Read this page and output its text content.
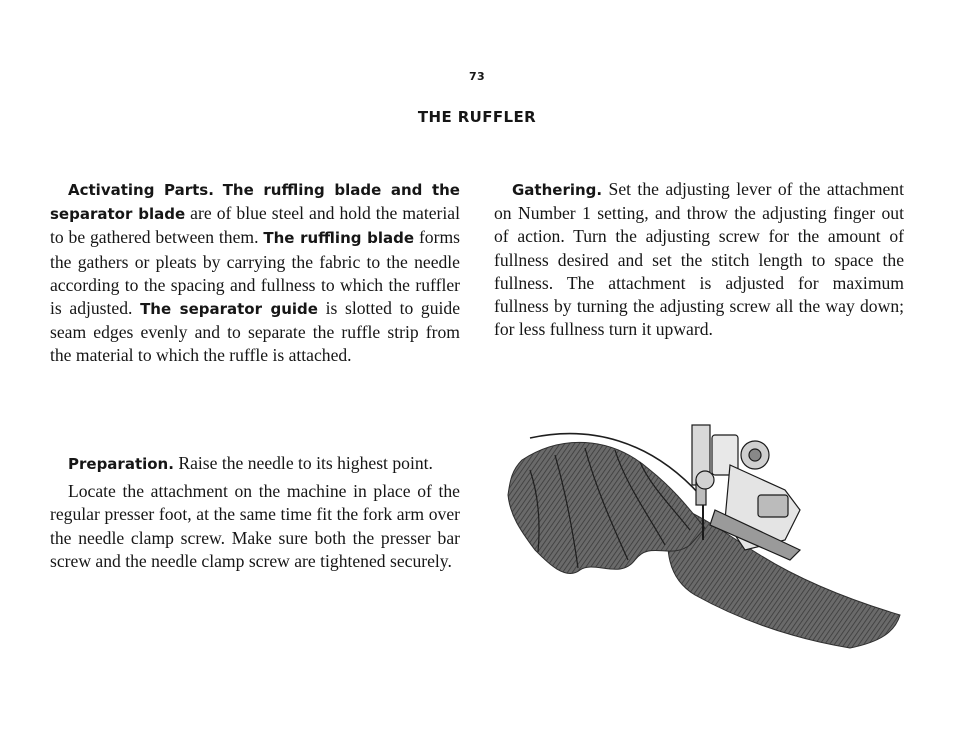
73
THE RUFFLER

Activating Parts. The ruffling blade and the separator blade are of blue steel and hold the material to be gathered between them. The ruffling blade forms the gathers or pleats by carrying the fabric to the needle according to the spacing and fullness to which the ruffler is adjusted. The separator guide is slotted to guide seam edges evenly and to separate the ruffle strip from the material to which the ruffle is attached.

Preparation. Raise the needle to its highest point.

Locate the attachment on the machine in place of the regular presser foot, at the same time fit the fork arm over the needle clamp screw. Make sure both the presser bar screw and the needle clamp screw are tightened securely.

Gathering. Set the adjusting lever of the attachment on Number 1 setting, and throw the adjusting finger out of action. Turn the adjusting screw for the amount of fullness desired and set the stitch length to space the fullness. The attachment is adjusted for maximum fullness by turning the adjusting screw all the way down; for less fullness turn it upward.
